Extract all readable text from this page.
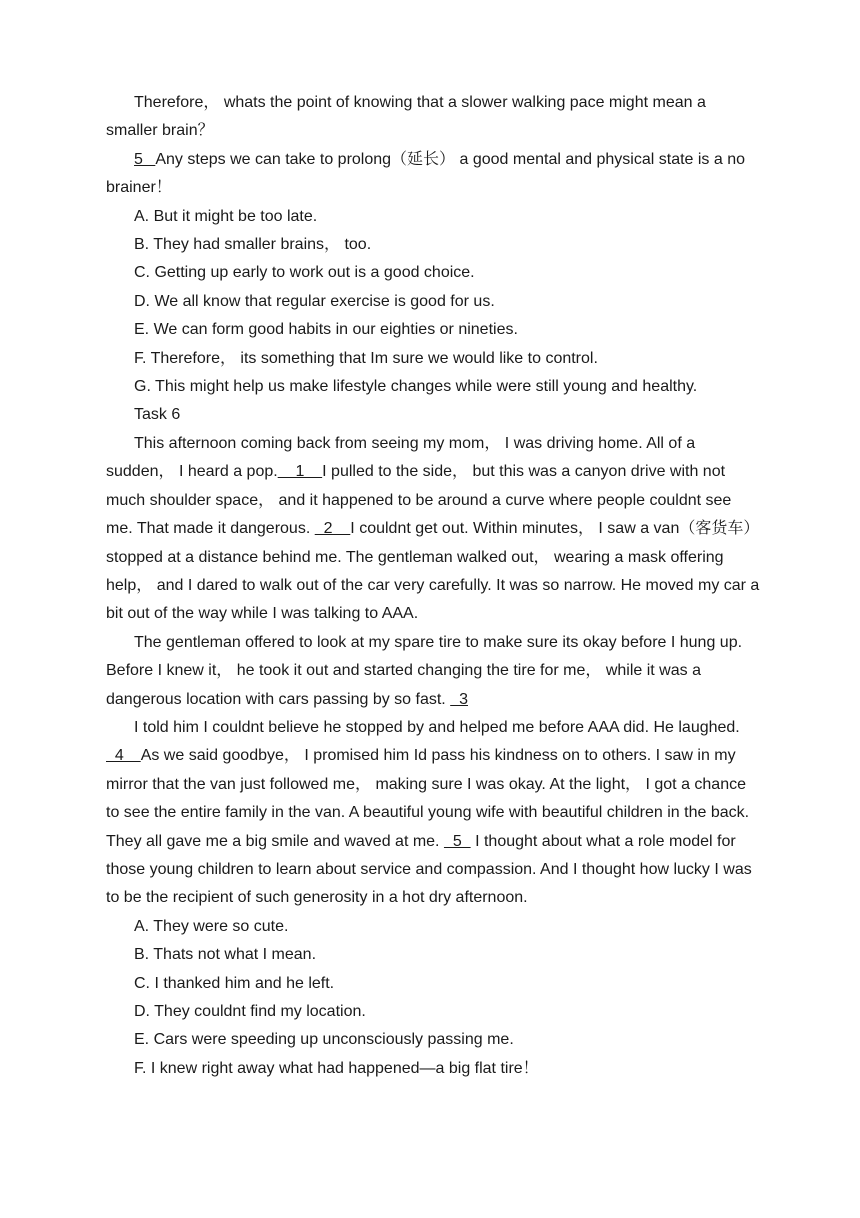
Therefore， whats the point of knowing that a slower walking pace might mean a smaller brain？

5   Any steps we can take to prolong（延长） a good mental and physical state is a no brainer！

A. But it might be too late.

B. They had smaller brains， too.

C. Getting up early to work out is a good choice.

D. We all know that regular exercise is good for us.

E. We can form good habits in our eighties or nineties.

F. Therefore， its something that Im sure we would like to control.

G. This might help us make lifestyle changes while were still young and healthy.

Task 6

This afternoon coming back from seeing my mom， I was driving home. All of a sudden， I heard a pop.    1    I pulled to the side， but this was a canyon drive with not much shoulder space， and it happened to be around a curve where people couldnt see me. That made it dangerous.   2    I couldnt get out. Within minutes， I saw a van（客货车） stopped at a distance behind me. The gentleman walked out， wearing a mask offering help， and I dared to walk out of the car very carefully. It was so narrow. He moved my car a bit out of the way while I was talking to AAA.

The gentleman offered to look at my spare tire to make sure its okay before I hung up. Before I knew it， he took it out and started changing the tire for me， while it was a dangerous location with cars passing by so fast.   3

I told him I couldnt believe he stopped by and helped me before AAA did. He laughed.   4    As we said goodbye， I promised him Id pass his kindness on to others. I saw in my mirror that the van just followed me， making sure I was okay. At the light， I got a chance to see the entire family in the van. A beautiful young wife with beautiful children in the back. They all gave me a big smile and waved at me.   5   I thought about what a role model for those young children to learn about service and compassion. And I thought how lucky I was to be the recipient of such generosity in a hot dry afternoon.

A. They were so cute.

B. Thats not what I mean.

C. I thanked him and he left.

D. They couldnt find my location.

E. Cars were speeding up unconsciously passing me.

F. I knew right away what had happened—a big flat tire！
